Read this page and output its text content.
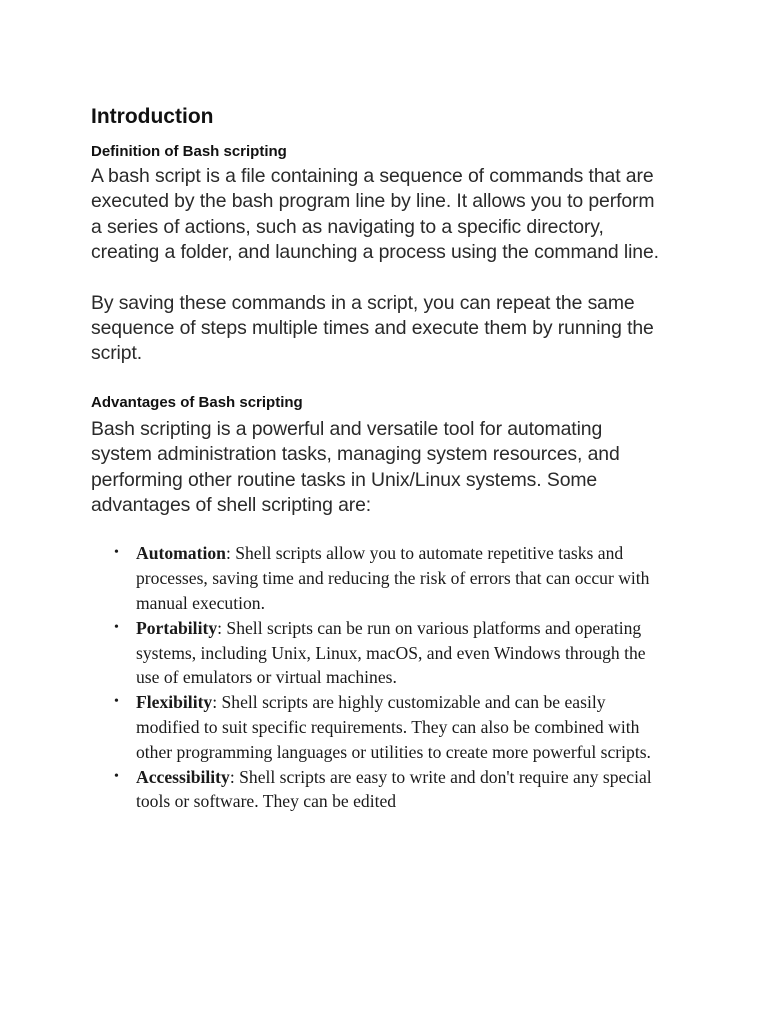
Introduction
Definition of Bash scripting

A bash script is a file containing a sequence of commands that are executed by the bash program line by line. It allows you to perform a series of actions, such as navigating to a specific directory, creating a folder, and launching a process using the command line.

By saving these commands in a script, you can repeat the same sequence of steps multiple times and execute them by running the script.

Advantages of Bash scripting

Bash scripting is a powerful and versatile tool for automating system administration tasks, managing system resources, and performing other routine tasks in Unix/Linux systems. Some advantages of shell scripting are:

• Automation: Shell scripts allow you to automate repetitive tasks and processes, saving time and reducing the risk of errors that can occur with manual execution.
• Portability: Shell scripts can be run on various platforms and operating systems, including Unix, Linux, macOS, and even Windows through the use of emulators or virtual machines.
• Flexibility: Shell scripts are highly customizable and can be easily modified to suit specific requirements. They can also be combined with other programming languages or utilities to create more powerful scripts.
• Accessibility: Shell scripts are easy to write and don't require any special tools or software. They can be edited
